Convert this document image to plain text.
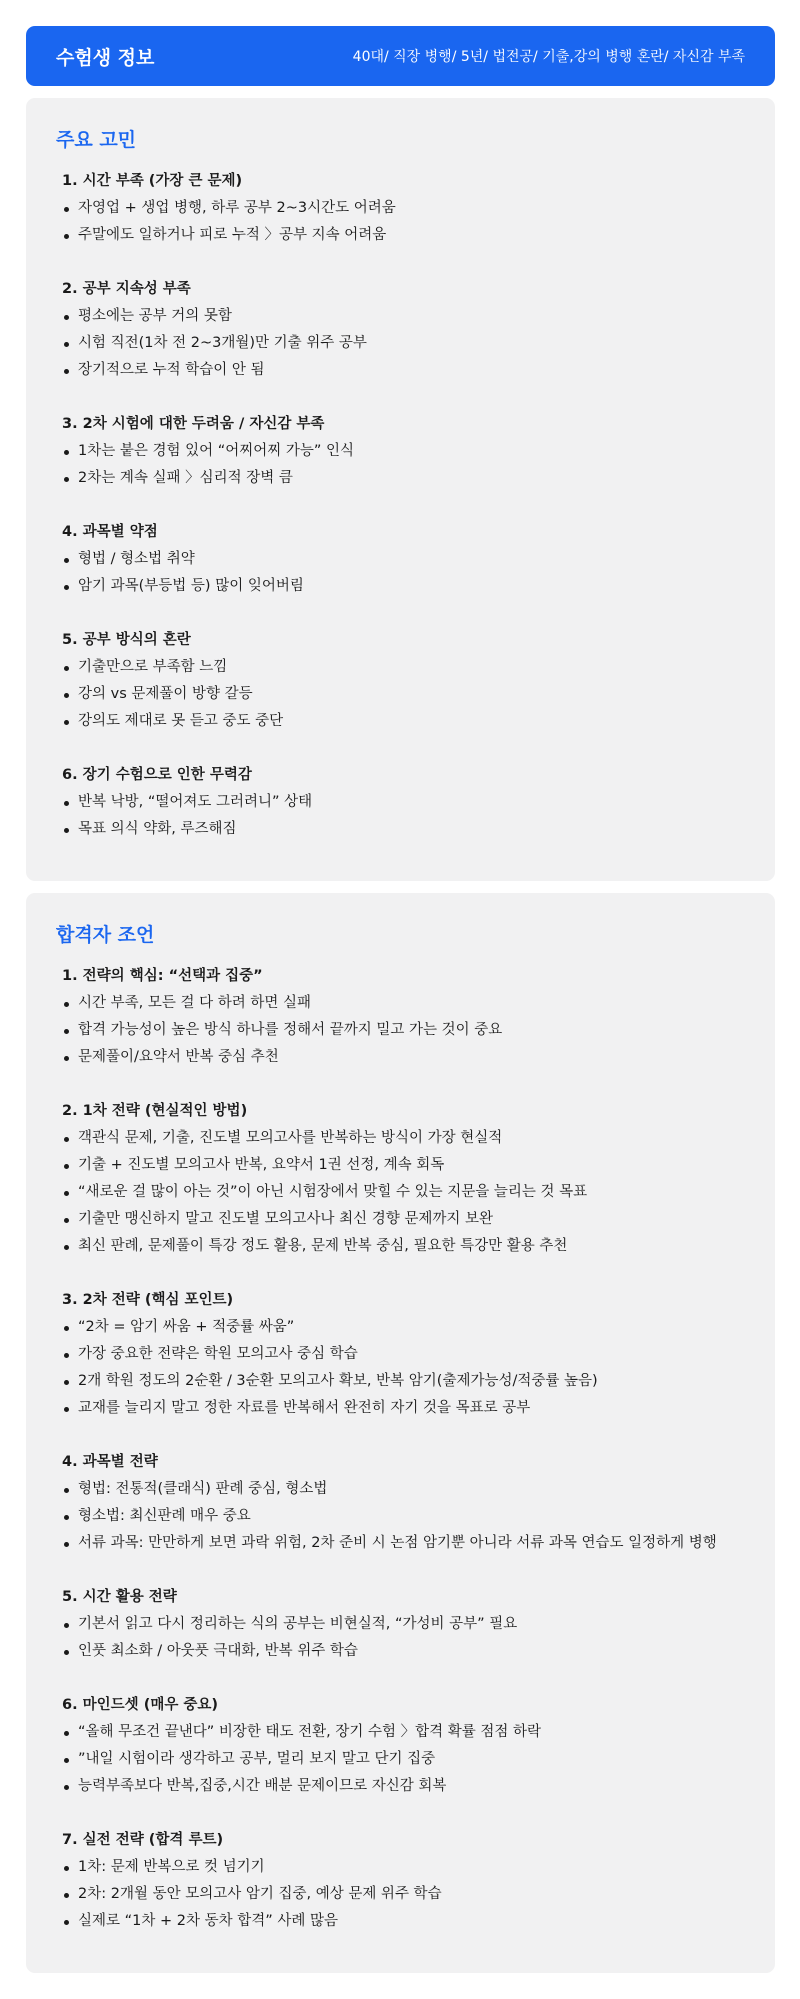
수험생 정보	40대/ 직장 병행/ 5년/ 법전공/ 기출,강의 병행 혼란/ 자신감 부족
주요 고민
1. 시간 부족 (가장 큰 문제)
자영업 + 생업 병행, 하루 공부 2~3시간도 어려움
주말에도 일하거나 피로 누적 〉공부 지속 어려움
2. 공부 지속성 부족
평소에는 공부 거의 못함
시험 직전(1차 전 2~3개월)만 기출 위주 공부
장기적으로 누적 학습이 안 됨
3. 2차 시험에 대한 두려움 / 자신감 부족
1차는 붙은 경험 있어 “어찌어찌 가능” 인식
2차는 계속 실패 〉심리적 장벽 큼
4. 과목별 약점
형법 / 형소법 취약
암기 과목(부등법 등) 많이 잊어버림
5. 공부 방식의 혼란
기출만으로 부족함 느낌
강의 vs 문제풀이 방향 갈등
강의도 제대로 못 듣고 중도 중단
6. 장기 수험으로 인한 무력감
반복 낙방, “떨어져도 그러려니” 상태
목표 의식 약화, 루즈해짐
합격자 조언
1. 전략의 핵심: “선택과 집중”
시간 부족, 모든 걸 다 하려 하면 실패
합격 가능성이 높은 방식 하나를 정해서 끝까지 밀고 가는 것이 중요
문제풀이/요약서 반복 중심 추천
2. 1차 전략 (현실적인 방법)
객관식 문제, 기출, 진도별 모의고사를 반복하는 방식이 가장 현실적
기출 + 진도별 모의고사 반복, 요약서 1권 선정, 계속 회독
“새로운 걸 많이 아는 것”이 아닌 시험장에서 맞힐 수 있는 지문을 늘리는 것 목표
기출만 맹신하지 말고 진도별 모의고사나 최신 경향 문제까지 보완
최신 판례, 문제풀이 특강 정도 활용, 문제 반복 중심, 필요한 특강만 활용 추천
3. 2차 전략 (핵심 포인트)
“2차 = 암기 싸움 + 적중률 싸움”
가장 중요한 전략은 학원 모의고사 중심 학습
2개 학원 정도의 2순환 / 3순환 모의고사 확보, 반복 암기(출제가능성/적중률 높음)
교재를 늘리지 말고 정한 자료를 반복해서 완전히 자기 것을 목표로 공부
4. 과목별 전략
형법: 전통적(클래식) 판례 중심, 형소법
형소법: 최신판례 매우 중요
서류 과목: 만만하게 보면 과락 위험, 2차 준비 시 논점 암기뿐 아니라 서류 과목 연습도 일정하게 병행
5. 시간 활용 전략
기본서 읽고 다시 정리하는 식의 공부는 비현실적, “가성비 공부” 필요
인풋 최소화 / 아웃풋 극대화, 반복 위주 학습
6. 마인드셋 (매우 중요)
“올해 무조건 끝낸다” 비장한 태도 전환, 장기 수험 〉합격 확률 점점 하락
”내일 시험이라 생각하고 공부, 멀리 보지 말고 단기 집중
능력부족보다 반복,집중,시간 배분 문제이므로 자신감 회복
7. 실전 전략 (합격 루트)
1차: 문제 반복으로 컷 넘기기
2차: 2개월 동안 모의고사 암기 집중, 예상 문제 위주 학습
실제로 “1차 + 2차 동차 합격” 사례 많음
